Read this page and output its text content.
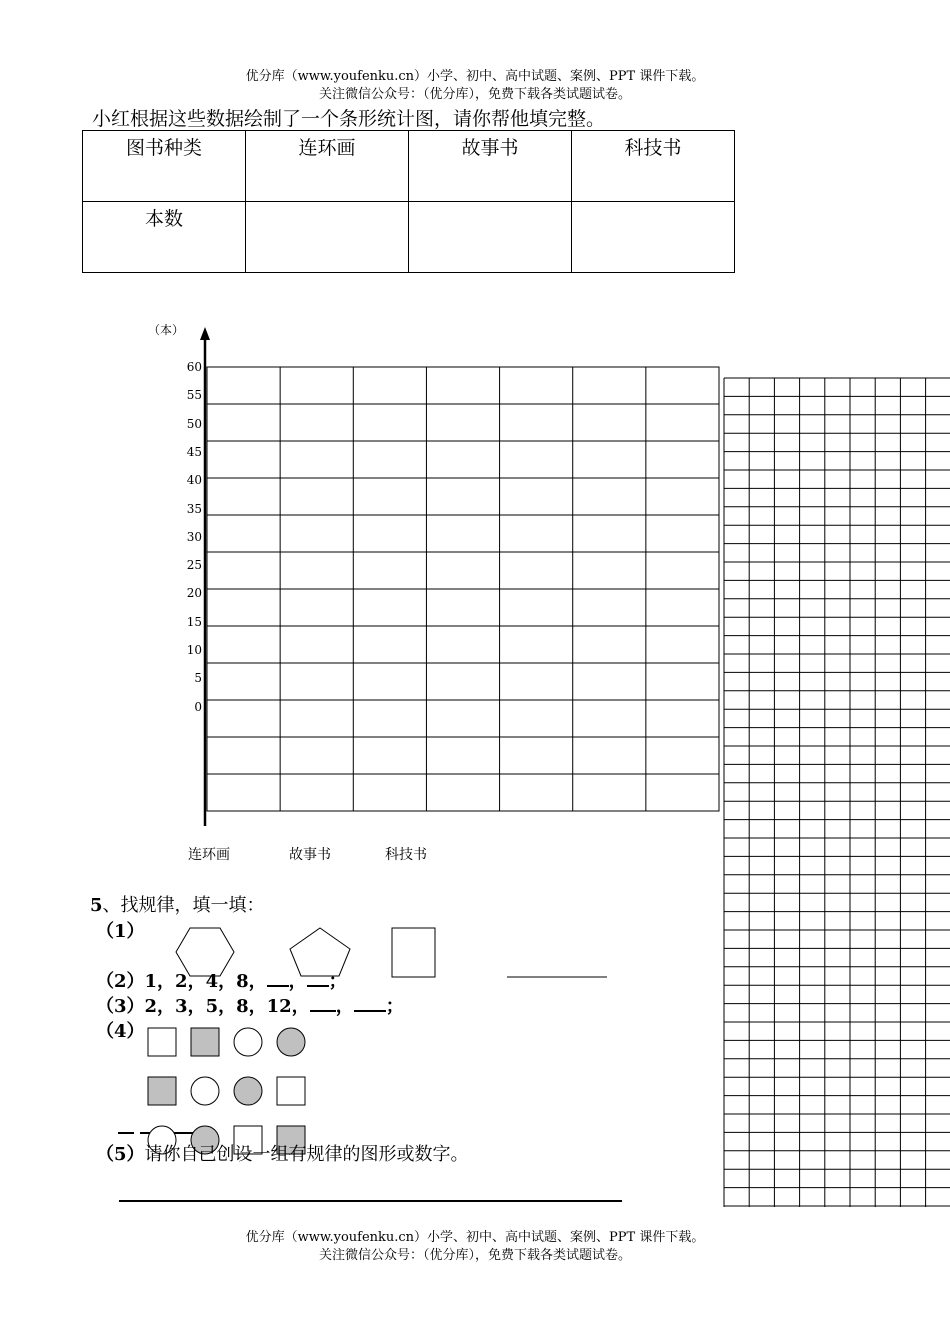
优分库（www.youfenku.cn）小学、初中、高中试题、案例、PPT 课件下载。
关注微信公众号：（优分库），免费下载各类试题试卷。
小红根据这些数据绘制了一个条形统计图，请你帮他填完整。
图书种类	连环画	故事书	科技书
本数			
（本）
60
55
50
45
40
35
30
25
20
15
10
5
0
连环画	故事书	科技书
5、找规律，填一填：
（1）
（2）1，2，4，8， ， ；
（3）2，3，5，8，12， ， ；
（4）
（5）请你自己创设一组有规律的图形或数字。
优分库（www.youfenku.cn）小学、初中、高中试题、案例、PPT 课件下载。
关注微信公众号：（优分库），免费下载各类试题试卷。
